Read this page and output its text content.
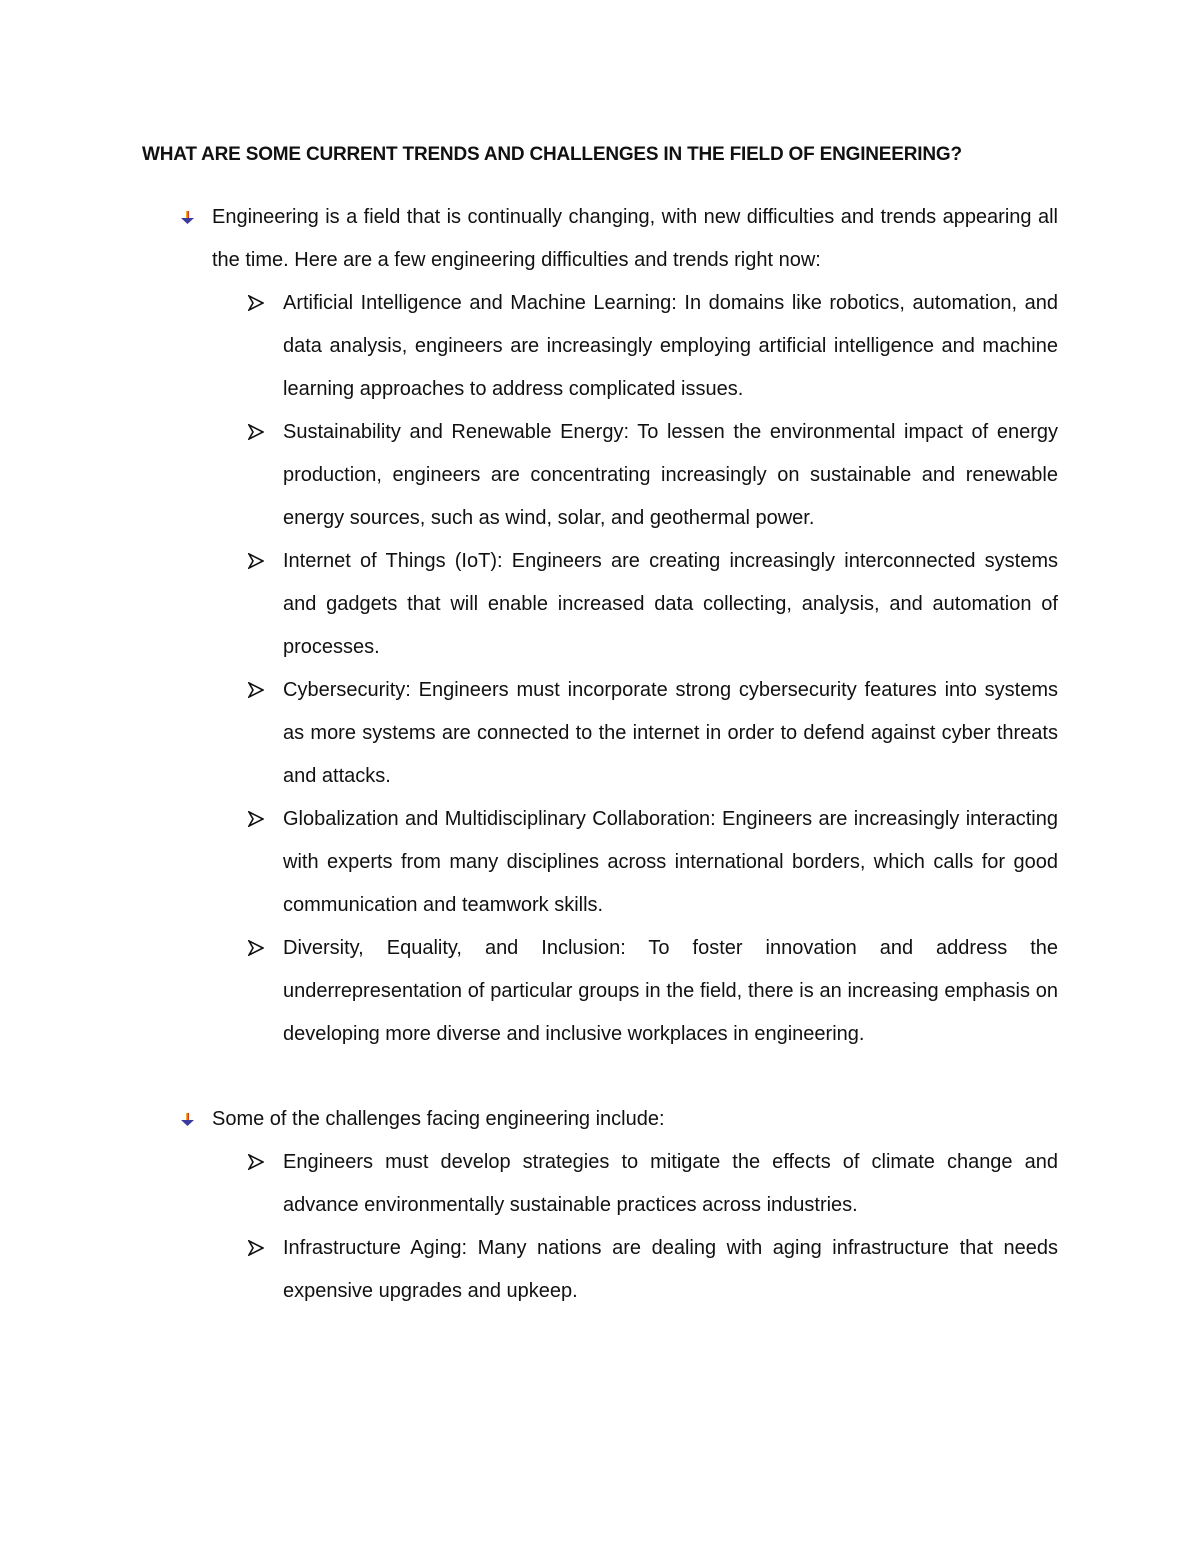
WHAT ARE SOME CURRENT TRENDS AND CHALLENGES IN THE FIELD OF ENGINEERING?

Engineering is a field that is continually changing, with new difficulties and trends appearing all the time. Here are a few engineering difficulties and trends right now:

Artificial Intelligence and Machine Learning: In domains like robotics, automation, and data analysis, engineers are increasingly employing artificial intelligence and machine learning approaches to address complicated issues.

Sustainability and Renewable Energy: To lessen the environmental impact of energy production, engineers are concentrating increasingly on sustainable and renewable energy sources, such as wind, solar, and geothermal power.

Internet of Things (IoT): Engineers are creating increasingly interconnected systems and gadgets that will enable increased data collecting, analysis, and automation of processes.

Cybersecurity: Engineers must incorporate strong cybersecurity features into systems as more systems are connected to the internet in order to defend against cyber threats and attacks.

Globalization and Multidisciplinary Collaboration: Engineers are increasingly interacting with experts from many disciplines across international borders, which calls for good communication and teamwork skills.

Diversity, Equality, and Inclusion: To foster innovation and address the underrepresentation of particular groups in the field, there is an increasing emphasis on developing more diverse and inclusive workplaces in engineering.

Some of the challenges facing engineering include:

Engineers must develop strategies to mitigate the effects of climate change and advance environmentally sustainable practices across industries.

Infrastructure Aging: Many nations are dealing with aging infrastructure that needs expensive upgrades and upkeep.
